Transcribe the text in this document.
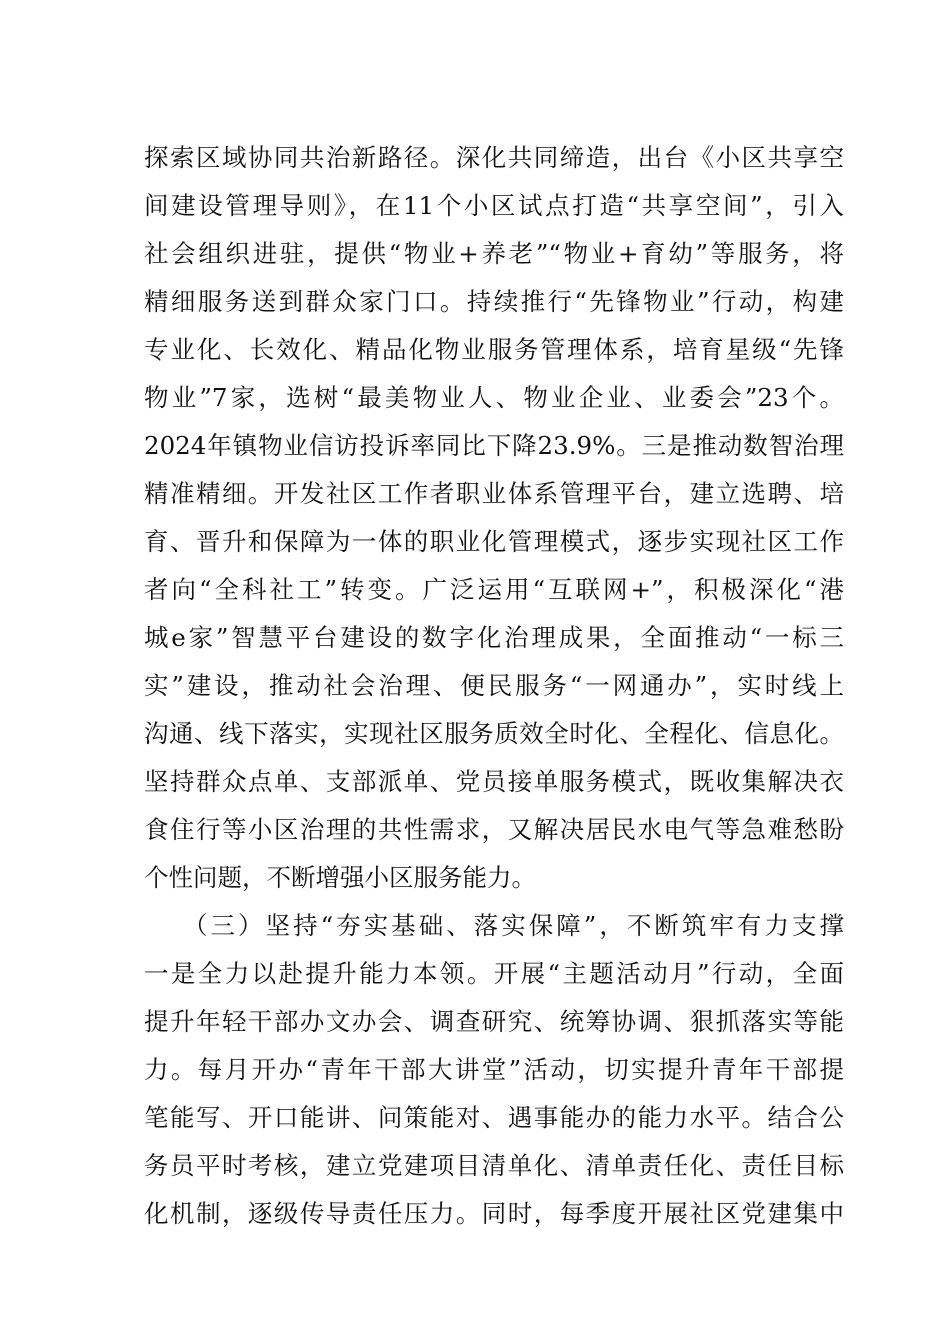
探索区域协同共治新路径。深化共同缔造，出台《小区共享空
间建设管理导则》，在11个小区试点打造“共享空间”，引入
社会组织进驻，提供“物业+养老”“物业+育幼”等服务，将
精细服务送到群众家门口。持续推行“先锋物业”行动，构建
专业化、长效化、精品化物业服务管理体系，培育星级“先锋
物业”7家，选树“最美物业人、物业企业、业委会”23个。
2024年镇物业信访投诉率同比下降23.9%。三是推动数智治理
精准精细。开发社区工作者职业体系管理平台，建立选聘、培
育、晋升和保障为一体的职业化管理模式，逐步实现社区工作
者向“全科社工”转变。广泛运用“互联网+”，积极深化“港
城e家”智慧平台建设的数字化治理成果，全面推动“一标三
实”建设，推动社会治理、便民服务“一网通办”，实时线上
沟通、线下落实，实现社区服务质效全时化、全程化、信息化。
坚持群众点单、支部派单、党员接单服务模式，既收集解决衣
食住行等小区治理的共性需求，又解决居民水电气等急难愁盼
个性问题，不断增强小区服务能力。
（三）坚持“夯实基础、落实保障”，不断筑牢有力支撑
一是全力以赴提升能力本领。开展“主题活动月”行动，全面
提升年轻干部办文办会、调查研究、统筹协调、狠抓落实等能
力。每月开办“青年干部大讲堂”活动，切实提升青年干部提
笔能写、开口能讲、问策能对、遇事能办的能力水平。结合公
务员平时考核，建立党建项目清单化、清单责任化、责任目标
化机制，逐级传导责任压力。同时，每季度开展社区党建集中
